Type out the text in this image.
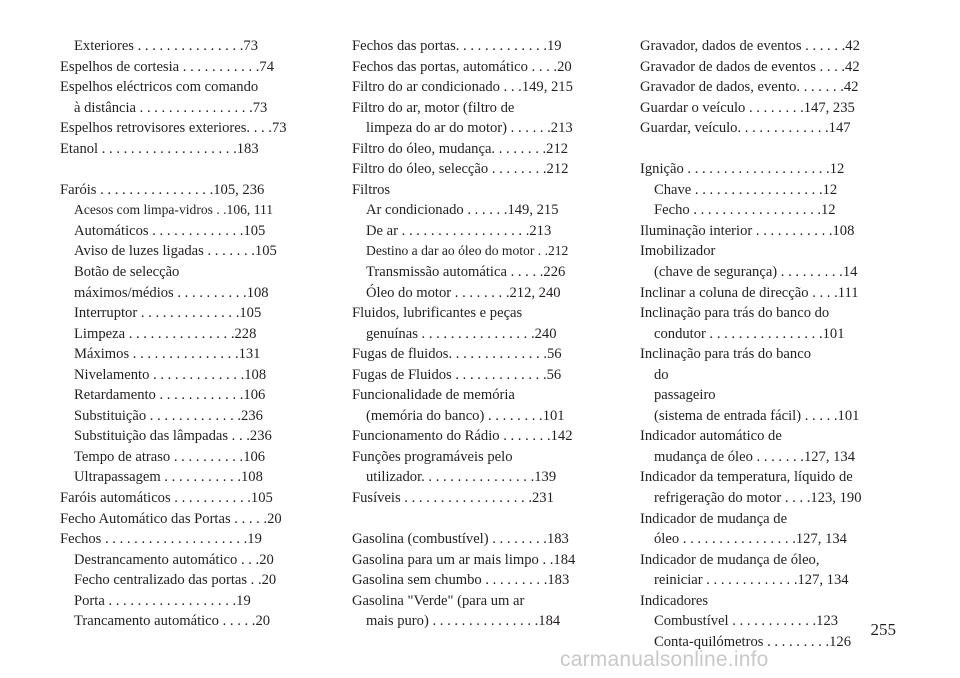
Exteriores . . . . . . . . . . . . . . .73
Espelhos de cortesia . . . . . . . . . . .74
Espelhos eléctricos com comando
à distância . . . . . . . . . . . . . . . .73
Espelhos retrovisores exteriores. . . .73
Etanol . . . . . . . . . . . . . . . . . . .183
Faróis . . . . . . . . . . . . . . . .105, 236
Acesos com limpa-vidros . .106, 111
Automáticos . . . . . . . . . . . . .105
Aviso de luzes ligadas . . . . . . .105
Botão de selecção
máximos/médios . . . . . . . . . .108
Interruptor . . . . . . . . . . . . . .105
Limpeza . . . . . . . . . . . . . . .228
Máximos . . . . . . . . . . . . . . .131
Nivelamento . . . . . . . . . . . . .108
Retardamento . . . . . . . . . . . .106
Substituição . . . . . . . . . . . . .236
Substituição das lâmpadas . . .236
Tempo de atraso . . . . . . . . . .106
Ultrapassagem . . . . . . . . . . .108
Faróis automáticos . . . . . . . . . . .105
Fecho Automático das Portas . . . . .20
Fechos . . . . . . . . . . . . . . . . . . . .19
Destrancamento automático . . .20
Fecho centralizado das portas . .20
Porta . . . . . . . . . . . . . . . . . .19
Trancamento automático . . . . .20
Fechos das portas. . . . . . . . . . . . .19
Fechos das portas, automático . . . .20
Filtro do ar condicionado . . .149, 215
Filtro do ar, motor (filtro de
limpeza do ar do motor) . . . . . .213
Filtro do óleo, mudança. . . . . . . .212
Filtro do óleo, selecção . . . . . . . .212
Filtros
Ar condicionado . . . . . .149, 215
De ar . . . . . . . . . . . . . . . . . .213
Destino a dar ao óleo do motor . .212
Transmissão automática . . . . .226
Óleo do motor . . . . . . . .212, 240
Fluidos, lubrificantes e peças
genuínas . . . . . . . . . . . . . . . .240
Fugas de fluidos. . . . . . . . . . . . . .56
Fugas de Fluidos . . . . . . . . . . . . .56
Funcionalidade de memória
(memória do banco) . . . . . . . .101
Funcionamento do Rádio . . . . . . .142
Funções programáveis pelo
utilizador. . . . . . . . . . . . . . . .139
Fusíveis . . . . . . . . . . . . . . . . . .231
Gasolina (combustível) . . . . . . . .183
Gasolina para um ar mais limpo . .184
Gasolina sem chumbo . . . . . . . . .183
Gasolina "Verde" (para um ar
mais puro) . . . . . . . . . . . . . . .184
Gravador, dados de eventos . . . . . .42
Gravador de dados de eventos . . . .42
Gravador de dados, evento. . . . . . .42
Guardar o veículo . . . . . . . .147, 235
Guardar, veículo. . . . . . . . . . . . .147
Ignição . . . . . . . . . . . . . . . . . . . .12
Chave . . . . . . . . . . . . . . . . . .12
Fecho . . . . . . . . . . . . . . . . . .12
Iluminação interior . . . . . . . . . . .108
Imobilizador
(chave de segurança) . . . . . . . . .14
Inclinar a coluna de direcção . . . .111
Inclinação para trás do banco do
condutor . . . . . . . . . . . . . . . .101
Inclinação para trás do banco
do
passageiro
(sistema de entrada fácil) . . . . .101
Indicador automático de
mudança de óleo . . . . . . .127, 134
Indicador da temperatura, líquido de
refrigeração do motor . . . .123, 190
Indicador de mudança de
óleo . . . . . . . . . . . . . . . .127, 134
Indicador de mudança de óleo,
reiniciar . . . . . . . . . . . . .127, 134
Indicadores
Combustível . . . . . . . . . . . .123
Conta-quilómetros . . . . . . . . .126
255
carmanualsonline.info
